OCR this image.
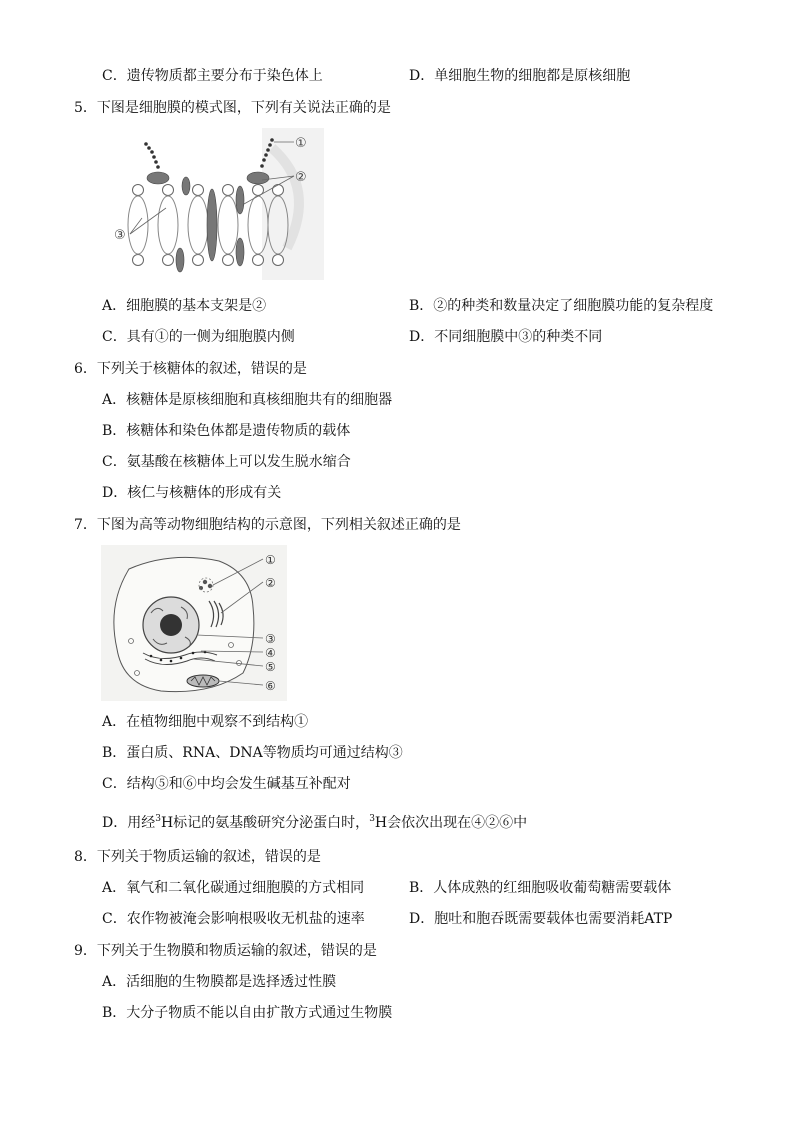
C．遗传物质都主要分布于染色体上	D．单细胞生物的细胞都是原核细胞
5．下图是细胞膜的模式图，下列有关说法正确的是
①
②
③
A．细胞膜的基本支架是②	B．②的种类和数量决定了细胞膜功能的复杂程度
C．具有①的一侧为细胞膜内侧	D．不同细胞膜中③的种类不同
6．下列关于核糖体的叙述，错误的是
A．核糖体是原核细胞和真核细胞共有的细胞器
B．核糖体和染色体都是遗传物质的载体
C．氨基酸在核糖体上可以发生脱水缩合
D．核仁与核糖体的形成有关
7．下图为高等动物细胞结构的示意图，下列相关叙述正确的是
①
②
③
④
⑤
⑥
A．在植物细胞中观察不到结构①
B．蛋白质、RNA、DNA等物质均可通过结构③
C．结构⑤和⑥中均会发生碱基互补配对
D．用经$^3$H标记的氨基酸研究分泌蛋白时，$^3$H会依次出现在④②⑥中
8．下列关于物质运输的叙述，错误的是
A．氧气和二氧化碳通过细胞膜的方式相同	B．人体成熟的红细胞吸收葡萄糖需要载体
C．农作物被淹会影响根吸收无机盐的速率	D．胞吐和胞吞既需要载体也需要消耗ATP
9．下列关于生物膜和物质运输的叙述，错误的是
A．活细胞的生物膜都是选择透过性膜
B．大分子物质不能以自由扩散方式通过生物膜
